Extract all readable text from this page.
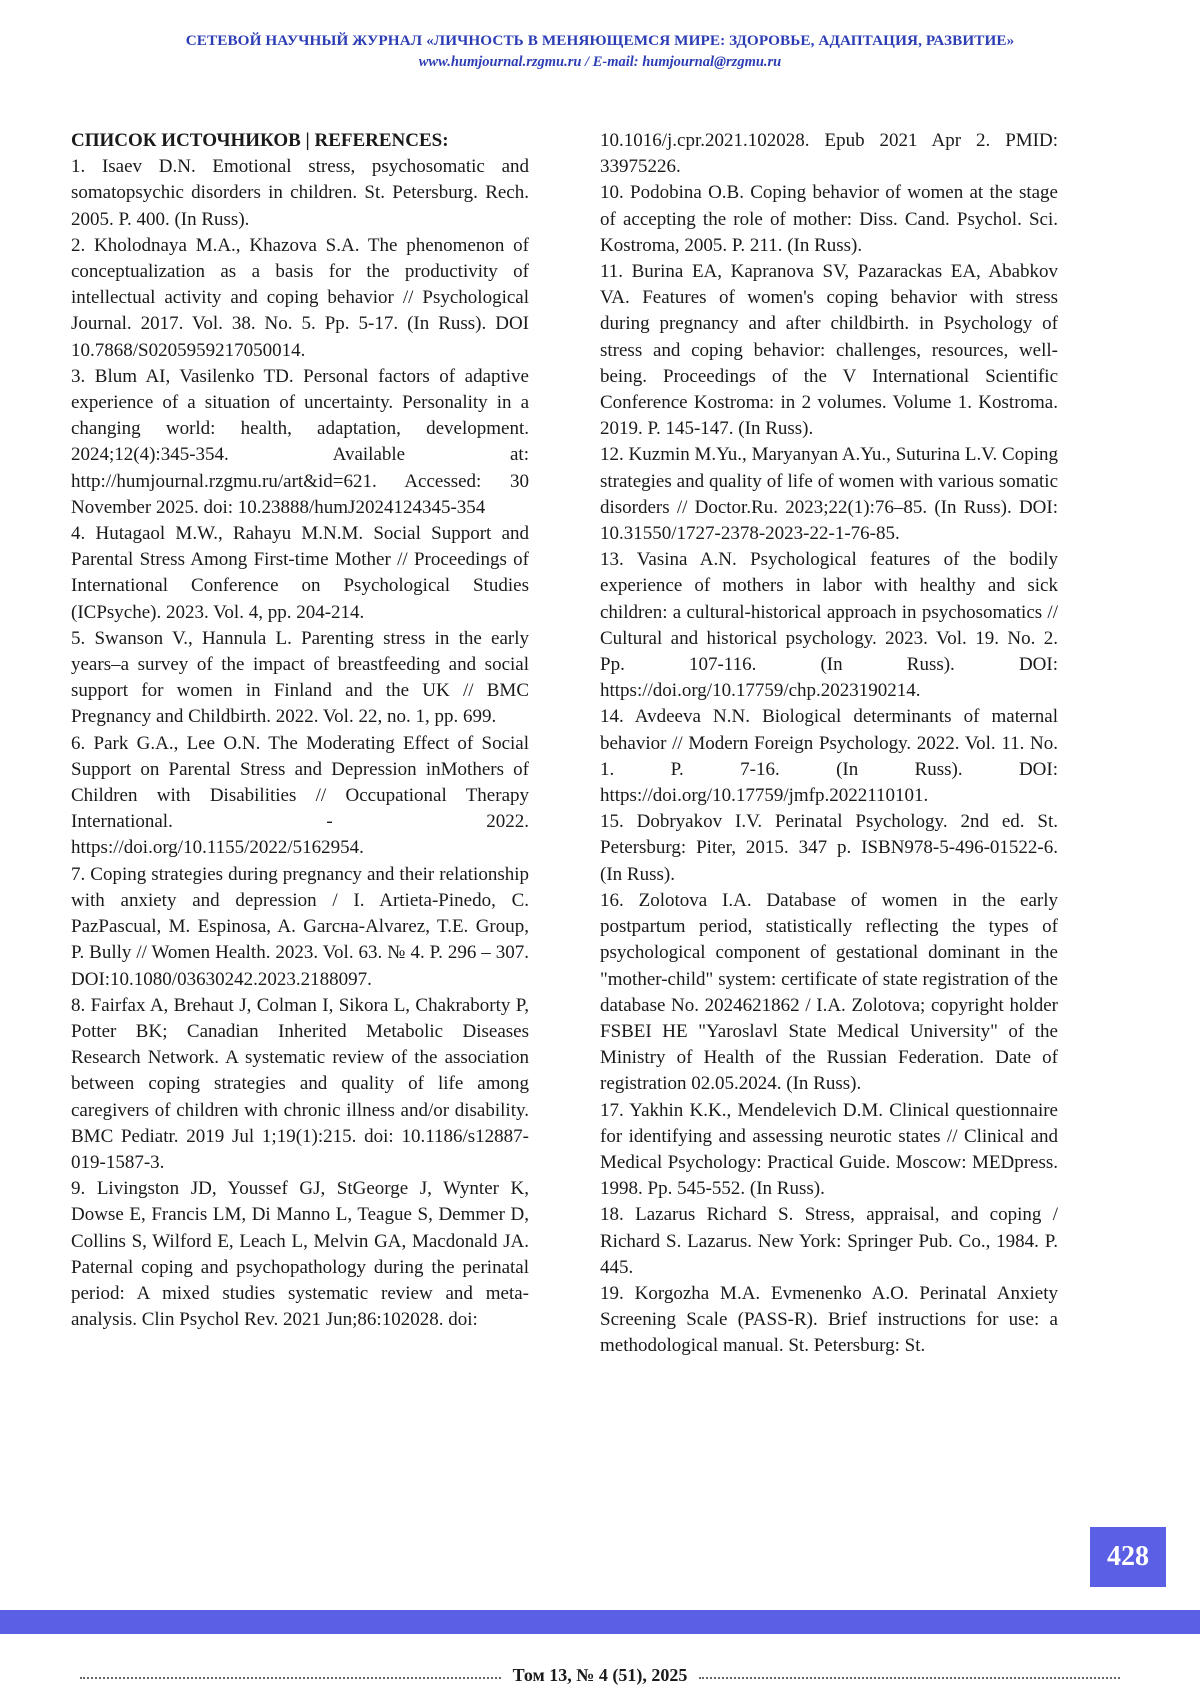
СЕТЕВОЙ НАУЧНЫЙ ЖУРНАЛ «ЛИЧНОСТЬ В МЕНЯЮЩЕМСЯ МИРЕ: ЗДОРОВЬЕ, АДАПТАЦИЯ, РАЗВИТИЕ»
www.humjournal.rzgmu.ru / E-mail: humjournal@rzgmu.ru

СПИСОК ИСТОЧНИКОВ | REFERENCES:

1. Isaev D.N. Emotional stress, psychosomatic and somatopsychic disorders in children. St. Petersburg. Rech. 2005. P. 400. (In Russ).

2. Kholodnaya M.A., Khazova S.A. The phenomenon of conceptualization as a basis for the productivity of intellectual activity and coping behavior // Psychological Journal. 2017. Vol. 38. No. 5. Pp. 5-17. (In Russ). DOI 10.7868/S0205959217050014.

3. Blum AI, Vasilenko TD. Personal factors of adaptive experience of a situation of uncertainty. Personality in a changing world: health, adaptation, development. 2024;12(4):345-354. Available at: http://humjournal.rzgmu.ru/art&id=621. Accessed: 30 November 2025. doi: 10.23888/humJ2024124345-354

4. Hutagaol M.W., Rahayu M.N.M. Social Support and Parental Stress Among First-time Mother // Proceedings of International Conference on Psychological Studies (ICPsyche). 2023. Vol. 4, pp. 204-214.

5. Swanson V., Hannula L. Parenting stress in the early years–a survey of the impact of breastfeeding and social support for women in Finland and the UK // BMC Pregnancy and Childbirth. 2022. Vol. 22, no. 1, pp. 699.

6. Park G.A., Lee O.N. The Moderating Effect of Social Support on Parental Stress and Depression inMothers of Children with Disabilities // Occupational Therapy International. - 2022. https://doi.org/10.1155/2022/5162954.

7. Coping strategies during pregnancy and their relationship with anxiety and depression / I. Artieta-Pinedo, C. PazPascual, M. Espinosa, A. Garcнa-Alvarez, T.E. Group, P. Bully // Women Health. 2023. Vol. 63. № 4. P. 296 – 307. DOI:10.1080/03630242.2023.2188097.

8. Fairfax A, Brehaut J, Colman I, Sikora L, Chakraborty P, Potter BK; Canadian Inherited Metabolic Diseases Research Network. A systematic review of the association between coping strategies and quality of life among caregivers of children with chronic illness and/or disability. BMC Pediatr. 2019 Jul 1;19(1):215. doi: 10.1186/s12887-019-1587-3.

9. Livingston JD, Youssef GJ, StGeorge J, Wynter K, Dowse E, Francis LM, Di Manno L, Teague S, Demmer D, Collins S, Wilford E, Leach L, Melvin GA, Macdonald JA. Paternal coping and psychopathology during the perinatal period: A mixed studies systematic review and meta-analysis. Clin Psychol Rev. 2021 Jun;86:102028. doi:

10.1016/j.cpr.2021.102028. Epub 2021 Apr 2. PMID: 33975226.

10. Podobina O.B. Coping behavior of women at the stage of accepting the role of mother: Diss. Cand. Psychol. Sci. Kostroma, 2005. P. 211. (In Russ).

11. Burina EA, Kapranova SV, Pazarackas EA, Ababkov VA. Features of women's coping behavior with stress during pregnancy and after childbirth. in Psychology of stress and coping behavior: challenges, resources, well-being. Proceedings of the V International Scientific Conference Kostroma: in 2 volumes. Volume 1. Kostroma. 2019. P. 145-147. (In Russ).

12. Kuzmin M.Yu., Maryanyan A.Yu., Suturina L.V. Coping strategies and quality of life of women with various somatic disorders // Doctor.Ru. 2023;22(1):76–85. (In Russ). DOI: 10.31550/1727-2378-2023-22-1-76-85.

13. Vasina A.N. Psychological features of the bodily experience of mothers in labor with healthy and sick children: a cultural-historical approach in psychosomatics // Cultural and historical psychology. 2023. Vol. 19. No. 2. Pp. 107-116. (In Russ). DOI: https://doi.org/10.17759/chp.2023190214.

14. Avdeeva N.N. Biological determinants of maternal behavior // Modern Foreign Psychology. 2022. Vol. 11. No. 1. P. 7-16. (In Russ). DOI: https://doi.org/10.17759/jmfp.2022110101.

15. Dobryakov I.V. Perinatal Psychology. 2nd ed. St. Petersburg: Piter, 2015. 347 p. ISBN978-5-496-01522-6. (In Russ).

16. Zolotova I.A. Database of women in the early postpartum period, statistically reflecting the types of psychological component of gestational dominant in the "mother-child" system: certificate of state registration of the database No. 2024621862 / I.A. Zolotova; copyright holder FSBEI HE "Yaroslavl State Medical University" of the Ministry of Health of the Russian Federation. Date of registration 02.05.2024. (In Russ).

17. Yakhin K.K., Mendelevich D.M. Clinical questionnaire for identifying and assessing neurotic states // Clinical and Medical Psychology: Practical Guide. Moscow: MEDpress. 1998. Pp. 545-552. (In Russ).

18. Lazarus Richard S. Stress, appraisal, and coping / Richard S. Lazarus. New York: Springer Pub. Co., 1984. P. 445.

19. Korgozha M.A. Evmenenko A.O. Perinatal Anxiety Screening Scale (PASS-R). Brief instructions for use: a methodological manual. St. Petersburg: St.

428
Том 13, № 4 (51), 2025
